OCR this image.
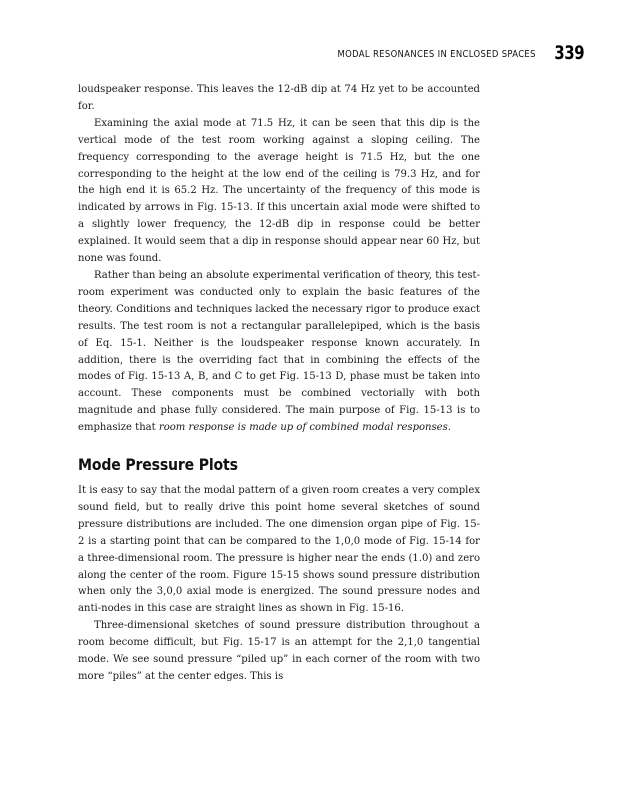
MODAL RESONANCES IN ENCLOSED SPACES 339

loudspeaker response. This leaves the 12-dB dip at 74 Hz yet to be accounted for.

Examining the axial mode at 71.5 Hz, it can be seen that this dip is the vertical mode of the test room working against a sloping ceiling. The frequency corresponding to the average height is 71.5 Hz, but the one corresponding to the height at the low end of the ceiling is 79.3 Hz, and for the high end it is 65.2 Hz. The uncertainty of the frequency of this mode is indicated by arrows in Fig. 15-13. If this uncertain axial mode were shifted to a slightly lower frequency, the 12-dB dip in response could be better explained. It would seem that a dip in response should appear near 60 Hz, but none was found.

Rather than being an absolute experimental verification of theory, this test-room experiment was conducted only to explain the basic features of the theory. Conditions and techniques lacked the necessary rigor to produce exact results. The test room is not a rectangular parallelepiped, which is the basis of Eq. 15-1. Neither is the loudspeaker response known accurately. In addition, there is the overriding fact that in combining the effects of the modes of Fig. 15-13 A, B, and C to get Fig. 15-13 D, phase must be taken into account. These components must be combined vectorially with both magnitude and phase fully considered. The main purpose of Fig. 15-13 is to emphasize that room response is made up of combined modal responses.

Mode Pressure Plots

It is easy to say that the modal pattern of a given room creates a very complex sound field, but to really drive this point home several sketches of sound pressure distributions are included. The one dimension organ pipe of Fig. 15-2 is a starting point that can be compared to the 1,0,0 mode of Fig. 15-14 for a three-dimensional room. The pressure is higher near the ends (1.0) and zero along the center of the room. Figure 15-15 shows sound pressure distribution when only the 3,0,0 axial mode is energized. The sound pressure nodes and anti-nodes in this case are straight lines as shown in Fig. 15-16.

Three-dimensional sketches of sound pressure distribution throughout a room become difficult, but Fig. 15-17 is an attempt for the 2,1,0 tangential mode. We see sound pressure “piled up” in each corner of the room with two more “piles” at the center edges. This is
